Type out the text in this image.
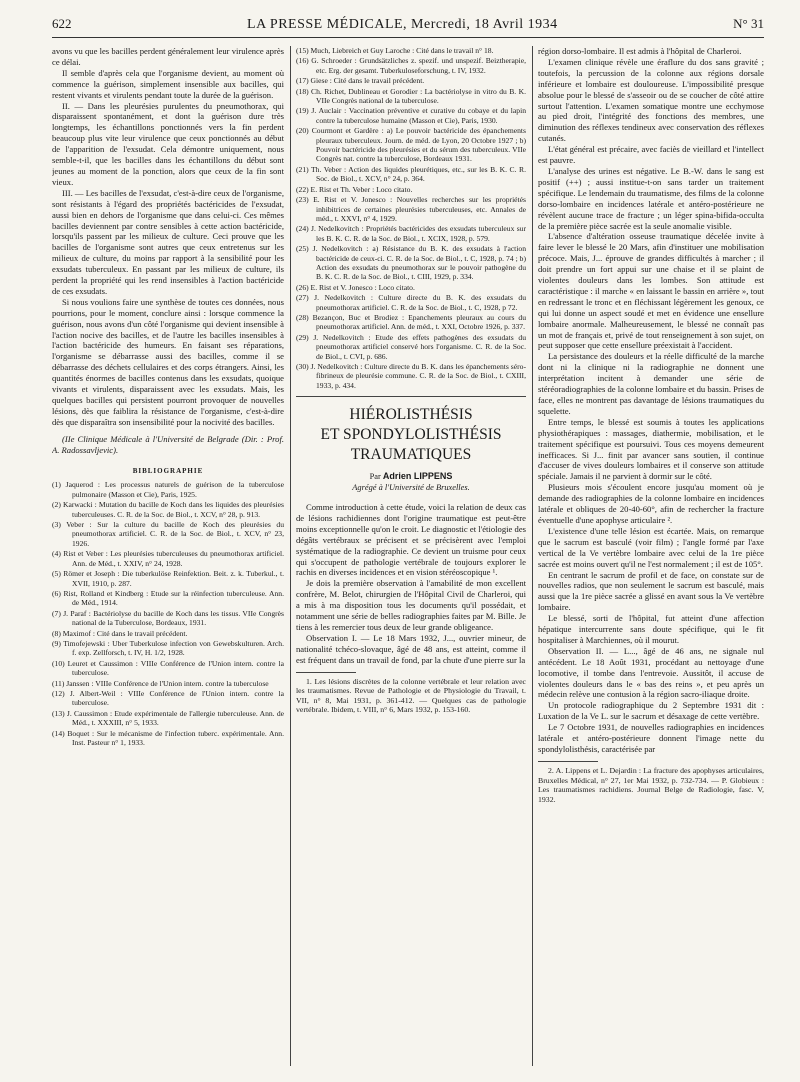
622	LA PRESSE MÉDICALE, Mercredi, 18 Avril 1934	N° 31

avons vu que les bacilles perdent généralement leur virulence après ce délai.

Il semble d'après cela que l'organisme devient, au moment où commence la guérison, simplement insensible aux bacilles, qui restent vivants et virulents pendant toute la durée de la guérison.

II. — Dans les pleurésies purulentes du pneumothorax, qui disparaissent spontanément, et dont la guérison dure très longtemps, les échantillons ponctionnés vers la fin perdent beaucoup plus vite leur virulence que ceux ponctionnés au début de l'apparition de l'exsudat. Cela démontre uniquement, nous semble-t-il, que les bacilles dans les échantillons du début sont jeunes au moment de la ponction, alors que ceux de la fin sont vieux.

III. — Les bacilles de l'exsudat, c'est-à-dire ceux de l'organisme, sont résistants à l'égard des propriétés bactéricides de l'exsudat, aussi bien en dehors de l'organisme que dans celui-ci. Ces mêmes bacilles deviennent par contre sensibles à cette action bactéricide, lorsqu'ils passent par les milieux de culture. Ceci prouve que les bacilles de l'organisme sont autres que ceux entretenus sur les milieux de culture, du moins par rapport à la sensibilité pour les exsudats tuberculeux. En passant par les milieux de culture, ils perdent la propriété qui les rend insensibles à l'action bactéricide de ces exsudats.

Si nous voulions faire une synthèse de toutes ces données, nous pourrions, pour le moment, conclure ainsi : lorsque commence la guérison, nous avons d'un côté l'organisme qui devient insensible à l'action nocive des bacilles, et de l'autre les bacilles insensibles à l'action bactéricide des humeurs. En faisant ses réparations, l'organisme se débarrasse aussi des bacilles, comme il se débarrasse des déchets cellulaires et des corps étrangers. Ainsi, les quantités énormes de bacilles contenus dans les exsudats, quoique vivants et virulents, disparaissent avec les exsudats. Mais, les quelques bacilles qui persistent pourront provoquer de nouvelles lésions, dès que faiblira la résistance de l'organisme, c'est-à-dire dès que disparaîtra son insensibilité pour la nocivité des bacilles.

(IIe Clinique Médicale à l'Université de Belgrade (Dir. : Prof. A. Radossavljevic).

BIBLIOGRAPHIE

(1) Jaquerod : Les processus naturels de guérison de la tuberculose pulmonaire (Masson et Cie), Paris, 1925.

(2) Karwacki : Mutation du bacille de Koch dans les liquides des pleurésies tuberculeuses. C. R. de la Soc. de Biol., t. XCV, n° 28, p. 913.

(3) Veber : Sur la culture du bacille de Koch des pleurésies du pneumothorax artificiel. C. R. de la Soc. de Biol., t. XCV, n° 23, 1926.

(4) Rist et Veber : Les pleurésies tuberculeuses du pneumothorax artificiel. Ann. de Méd., t. XXIV, n° 24, 1928.

(5) Römer et Joseph : Die tuberkulöse Reinfektion. Beit. z. k. Tuberkul., t. XVII, 1910, p. 287.

(6) Rist, Rolland et Kindberg : Etude sur la réinfection tuberculeuse. Ann. de Méd., 1914.

(7) J. Paraf : Bactériolyse du bacille de Koch dans les tissus. VIIe Congrès national de la Tuberculose, Bordeaux, 1931.

(8) Maximof : Cité dans le travail précédent.

(9) Timofejewski : Uber Tuberkulose infection von Gewebskulturen. Arch. f. exp. Zellforsch, t. IV, H. 1/2, 1928.

(10) Leuret et Caussimon : VIIIe Conférence de l'Union intern. contre la tuberculose.

(11) Janssen : VIIIe Conférence de l'Union intern. contre la tuberculose

(12) J. Albert-Weil : VIIIe Conférence de l'Union intern. contre la tuberculose.

(13) J. Caussimon : Etude expérimentale de l'allergie tuberculeuse. Ann. de Méd., t. XXXIII, n° 5, 1933.

(14) Boquet : Sur le mécanisme de l'infection tuberc. expérimentale. Ann. Inst. Pasteur n° 1, 1933.

(15) Much, Liebreich et Guy Laroche : Cité dans le travail n° 18.

(16) G. Schroeder : Grundsätzliches z. spezif. und unspezif. Beiztherapie, etc. Erg. der gesamt. Tuberkuloseforschung, t. IV, 1932.

(17) Giese : Cité dans le travail précédent.

(18) Ch. Richet, Dublineau et Gorodier : La bactériolyse in vitro du B. K. VIIe Congrès national de la tuberculose.

(19) J. Auclair : Vaccination préventive et curative du cobaye et du lapin contre la tuberculose humaine (Masson et Cie), Paris, 1930.

(20) Courmont et Gardère : a) Le pouvoir bactéricide des épanchements pleuraux tuberculeux. Journ. de méd. de Lyon, 20 Octobre 1927 ; b) Pouvoir bactéricide des pleurésies et du sérum des tuberculeux. VIIe Congrès nat. contre la tuberculose, Bordeaux 1931.

(21) Th. Veber : Action des liquides pleurétiques, etc., sur les B. K. C. R. Soc. de Biol., t. XCV, n° 24, p. 364.

(22) E. Rist et Th. Veber : Loco citato.

(23) E. Rist et V. Jonesco : Nouvelles recherches sur les propriétés inhibitrices de certaines pleurésies tuberculeuses, etc. Annales de méd., t. XXVI, n° 4, 1929.

(24) J. Nedelkovitch : Propriétés bactéricides des exsudats tuberculeux sur les B. K. C. R. de la Soc. de Biol., t. XCIX, 1928, p. 579.

(25) J. Nedelkovitch : a) Résistance du B. K. des exsudats à l'action bactéricide de ceux-ci. C. R. de la Soc. de Biol., t. C, 1928, p. 74 ; b) Action des exsudats du pneumothorax sur le pouvoir pathogène du B. K. C. R. de la Soc. de Biol., t. CIII, 1929, p. 334.

(26) E. Rist et V. Jonesco : Loco citato.

(27) J. Nedelkovitch : Culture directe du B. K. des exsudats du pneumothorax artificiel. C. R. de la Soc. de Biol., t. C, 1928, p 72.

(28) Bezançon, Buc et Brodiez : Epanchements pleuraux au cours du pneumothorax artificiel. Ann. de méd., t. XXI, Octobre 1926, p. 337.

(29) J. Nedelkovitch : Etude des effets pathogènes des exsudats du pneumothorax artificiel conservé hors l'organisme. C. R. de la Soc. de Biol., t. CVI, p. 686.

(30) J. Nedelkovitch : Culture directe du B. K. dans les épanchements séro-fibrineux de pleurésie commune. C. R. de la Soc. de Biol., t. CXIII, 1933, p. 434.

HIÉROLISTHÉSIS
ET SPONDYLOLISTHÉSIS
TRAUMATIQUES
Par Adrien LIPPENS
Agrégé à l'Université de Bruxelles.

Comme introduction à cette étude, voici la relation de deux cas de lésions rachidiennes dont l'origine traumatique est peut-être moins exceptionnelle qu'on le croit. Le diagnostic et l'étiologie des dégâts vertébraux se précisent et se précisèrent avec l'emploi systématique de la radiographie. Ce devient un truisme pour ceux qui s'occupent de pathologie vertébrale de toujours explorer le rachis en diverses incidences et en vision stéréoscopique ¹.

Je dois la première observation à l'amabilité de mon excellent confrère, M. Belot, chirurgien de l'Hôpital Civil de Charleroi, qui a mis à ma disposition tous les documents qu'il possédait, et notamment une série de belles radiographies faites par M. Bille. Je tiens à les remercier tous deux de leur grande obligeance.

Observation I. — Le 18 Mars 1932, J..., ouvrier mineur, de nationalité tchéco-slovaque, âgé de 48 ans, est atteint, comme il est fréquent dans un travail de fond, par la chute d'une pierre sur la

1. Les lésions discrètes de la colonne vertébrale et leur relation avec les traumatismes. Revue de Pathologie et de Physiologie du Travail, t. VII, n° 8, Mai 1931, p. 361-412. — Quelques cas de pathologie vertébrale. Ibidem, t. VIII, n° 6, Mars 1932, p. 153-160.

région dorso-lombaire. Il est admis à l'hôpital de Charleroi.

L'examen clinique révèle une éraflure du dos sans gravité ; toutefois, la percussion de la colonne aux régions dorsale inférieure et lombaire est douloureuse. L'impossibilité presque absolue pour le blessé de s'asseoir ou de se coucher de côté attire surtout l'attention. L'examen somatique montre une ecchymose au pied droit, l'intégrité des fonctions des membres, une diminution des réflexes tendineux avec conservation des réflexes cutanés.

L'état général est précaire, avec faciès de vieillard et l'intellect est pauvre.

L'analyse des urines est négative. Le B.-W. dans le sang est positif (++) ; aussi institue-t-on sans tarder un traitement spécifique. Le lendemain du traumatisme, des films de la colonne dorso-lombaire en incidences latérale et antéro-postérieure ne révèlent aucune trace de fracture ; un léger spina-bifida-occulta de la première pièce sacrée est la seule anomalie visible.

L'absence d'altération osseuse traumatique décelée invite à faire lever le blessé le 20 Mars, afin d'instituer une mobilisation précoce. Mais, J... éprouve de grandes difficultés à marcher ; il doit prendre un fort appui sur une chaise et il se plaint de violentes douleurs dans les lombes. Son attitude est caractéristique : il marche « en laissant le bassin en arrière », tout en redressant le tronc et en fléchissant légèrement les genoux, ce qui lui donne un aspect soudé et met en évidence une ensellure lombaire anormale. Malheureusement, le blessé ne connaît pas un mot de français et, privé de tout renseignement à son sujet, on peut supposer que cette ensellure préexistait à l'accident.

La persistance des douleurs et la réelle difficulté de la marche dont ni la clinique ni la radiographie ne donnent une interprétation incitent à demander une série de stéréoradiographies de la colonne lombaire et du bassin. Prises de face, elles ne montrent pas davantage de lésions traumatiques du squelette.

Entre temps, le blessé est soumis à toutes les applications physiothérapiques : massages, diathermie, mobilisation, et le traitement spécifique est poursuivi. Tous ces moyens demeurent inefficaces. Si J... finit par avancer sans soutien, il continue d'accuser de vives douleurs lombaires et il conserve son attitude spéciale. Jamais il ne parvient à dormir sur le côté.

Plusieurs mois s'écoulent encore jusqu'au moment où je demande des radiographies de la colonne lombaire en incidences latérale et obliques de 20-40-60°, afin de rechercher la fracture éventuelle d'une apophyse articulaire ².

L'existence d'une telle lésion est écartée. Mais, on remarque que le sacrum est basculé (voir film) ; l'angle formé par l'axe vertical de la Ve vertèbre lombaire avec celui de la 1re pièce sacrée est moins ouvert qu'il ne l'est normalement ; il est de 105°.

En centrant le sacrum de profil et de face, on constate sur de nouvelles radios, que non seulement le sacrum est basculé, mais aussi que la 1re pièce sacrée a glissé en avant sous la Ve vertèbre lombaire.

Le blessé, sorti de l'hôpital, fut atteint d'une affection hépatique intercurrente sans doute spécifique, qui le fit hospitaliser à Marchiennes, où il mourut.

Observation II. — L..., âgé de 46 ans, ne signale nul antécédent. Le 18 Août 1931, procédant au nettoyage d'une locomotive, il tombe dans l'entrevoie. Aussitôt, il accuse de violentes douleurs dans le « bas des reins », et peu après un médecin relève une contusion à la région sacro-iliaque droite.

Un protocole radiographique du 2 Septembre 1931 dit : Luxation de la Ve L. sur le sacrum et désaxage de cette vertèbre.

Le 7 Octobre 1931, de nouvelles radiographies en incidences latérale et antéro-postérieure donnent l'image nette du spondylolisthésis, caractérisée par

2. A. Lippens et L. Dejardin : La fracture des apophyses articulaires, Bruxelles Médical, n° 27, 1er Mai 1932, p. 732-734. — P. Globieux : Les traumatismes rachidiens. Journal Belge de Radiologie, fasc. V, 1932.
